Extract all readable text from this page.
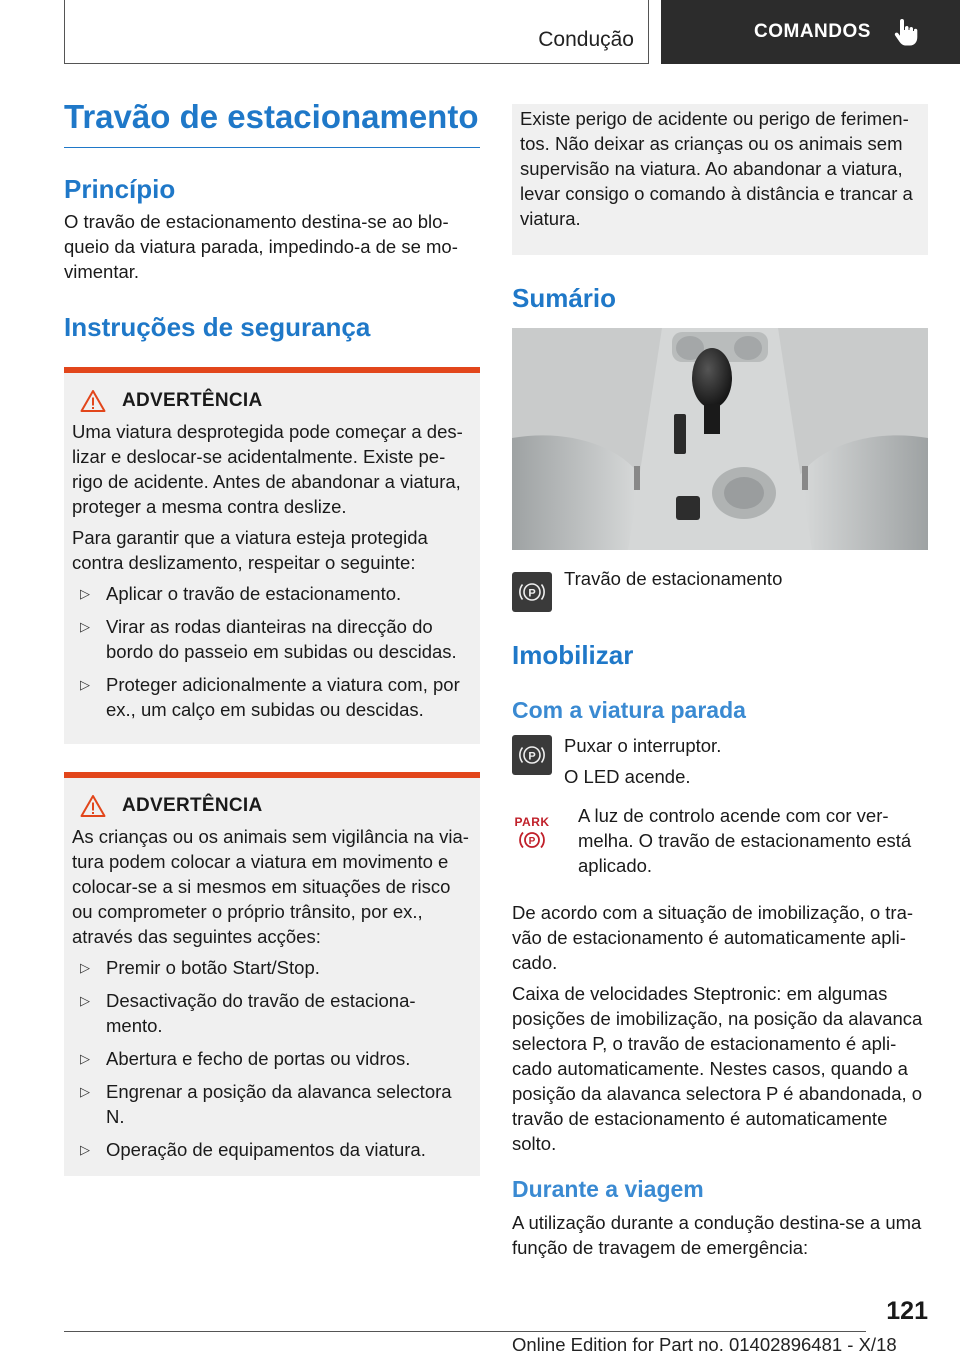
Condução	COMANDOS
Travão de estacionamento
Princípio

O travão de estacionamento destina-se ao blo-queio da viatura parada, impedindo-a de se mo-vimentar.

Instruções de segurança
ADVERTÊNCIA

Uma viatura desprotegida pode começar a des-lizar e deslocar-se acidentalmente. Existe pe-rigo de acidente. Antes de abandonar a viatura, proteger a mesma contra deslize.

Para garantir que a viatura esteja protegida contra deslizamento, respeitar o seguinte:

▷ Aplicar o travão de estacionamento.
▷ Virar as rodas dianteiras na direcção do bordo do passeio em subidas ou descidas.
▷ Proteger adicionalmente a viatura com, por ex., um calço em subidas ou descidas.
ADVERTÊNCIA

As crianças ou os animais sem vigilância na via-tura podem colocar a viatura em movimento e colocar-se a si mesmos em situações de risco ou comprometer o próprio trânsito, por ex., através das seguintes acções:

▷ Premir o botão Start/Stop.
▷ Desactivação do travão de estaciona-mento.
▷ Abertura e fecho de portas ou vidros.
▷ Engrenar a posição da alavanca selectora N.
▷ Operação de equipamentos da viatura.

Existe perigo de acidente ou perigo de ferimen-tos. Não deixar as crianças ou os animais sem supervisão na viatura. Ao abandonar a viatura, levar consigo o comando à distância e trancar a viatura.

Sumário
P

Travão de estacionamento

Imobilizar
Com a viatura parada
P

Puxar o interruptor.

O LED acende.

PARK
P

A luz de controlo acende com cor ver-melha. O travão de estacionamento está aplicado.

De acordo com a situação de imobilização, o tra-vão de estacionamento é automaticamente apli-cado.

Caixa de velocidades Steptronic: em algumas posições de imobilização, na posição da alavanca selectora P, o travão de estacionamento é apli-cado automaticamente. Nestes casos, quando a posição da alavanca selectora P é abandonada, o travão de estacionamento é automaticamente solto.

Durante a viagem

A utilização durante a condução destina-se a uma função de travagem de emergência:

121
Online Edition for Part no. 01402896481 - X/18
